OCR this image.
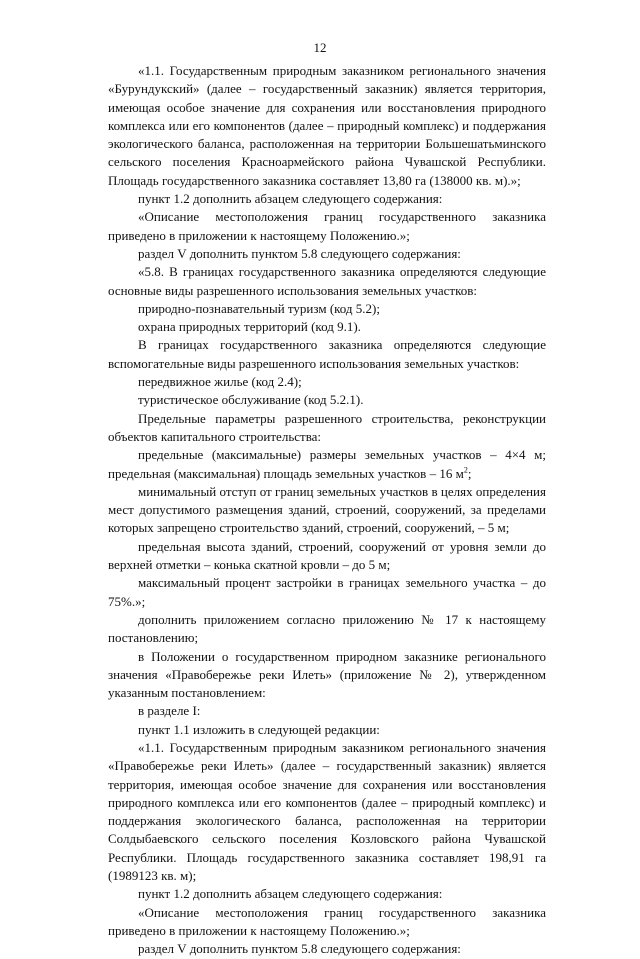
12

«1.1. Государственным природным заказником регионального значения «Бурундукский» (далее – государственный заказник) является территория, имеющая особое значение для сохранения или восстановления природного комплекса или его компонентов (далее – природный комплекс) и поддержания экологического баланса, расположенная на территории Большешатьминского сельского поселения Красноармейского района Чувашской Республики. Площадь государственного заказника составляет 13,80 га (138000 кв. м).»;

пункт 1.2 дополнить абзацем следующего содержания:

«Описание местоположения границ государственного заказника приведено в приложении к настоящему Положению.»;

раздел V дополнить пунктом 5.8 следующего содержания:

«5.8. В границах государственного заказника определяются следующие основные виды разрешенного использования земельных участков:

природно-познавательный туризм (код 5.2);

охрана природных территорий (код 9.1).

В границах государственного заказника определяются следующие вспомогательные виды разрешенного использования земельных участков:

передвижное жилье (код 2.4);

туристическое обслуживание (код 5.2.1).

Предельные параметры разрешенного строительства, реконструкции объектов капитального строительства:

предельные (максимальные) размеры земельных участков – 4×4 м; предельная (максимальная) площадь земельных участков – 16 $м^2$;

минимальный отступ от границ земельных участков в целях определения мест допустимого размещения зданий, строений, сооружений, за пределами которых запрещено строительство зданий, строений, сооружений, – 5 м;

предельная высота зданий, строений, сооружений от уровня земли до верхней отметки – конька скатной кровли – до 5 м;

максимальный процент застройки в границах земельного участка – до 75%.»;

дополнить приложением согласно приложению № 17 к настоящему постановлению;

в Положении о государственном природном заказнике регионального значения «Правобережье реки Илеть» (приложение № 2), утвержденном указанным постановлением:

в разделе I:

пункт 1.1 изложить в следующей редакции:

«1.1. Государственным природным заказником регионального значения «Правобережье реки Илеть» (далее – государственный заказник) является территория, имеющая особое значение для сохранения или восстановления природного комплекса или его компонентов (далее – природный комплекс) и поддержания экологического баланса, расположенная на территории Солдыбаевского сельского поселения Козловского района Чувашской Республики. Площадь государственного заказника составляет 198,91 га (1989123 кв. м);

пункт 1.2 дополнить абзацем следующего содержания:

«Описание местоположения границ государственного заказника приведено в приложении к настоящему Положению.»;

раздел V дополнить пунктом 5.8 следующего содержания:
